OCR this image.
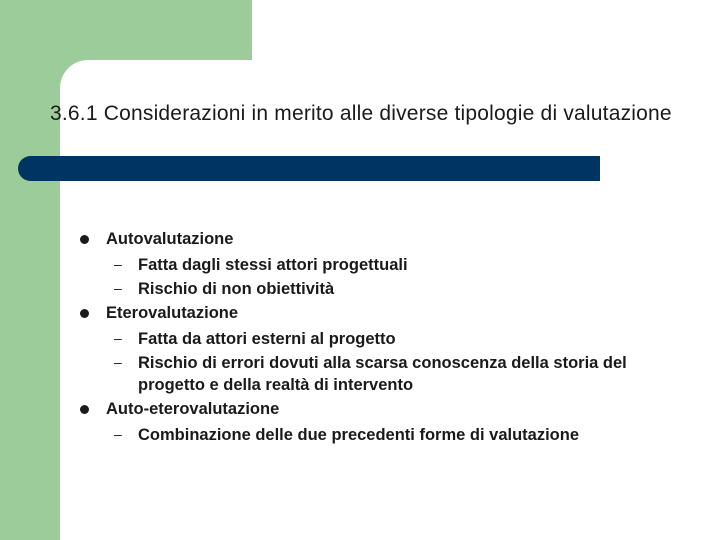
3.6.1 Considerazioni in merito alle diverse tipologie di valutazione
Autovalutazione
– Fatta dagli stessi attori progettuali
– Rischio di non obiettività
Eterovalutazione
– Fatta da attori esterni al progetto
– Rischio di errori dovuti alla scarsa conoscenza della storia del progetto e della realtà di intervento
Auto-eterovalutazione
– Combinazione delle due precedenti forme di valutazione
